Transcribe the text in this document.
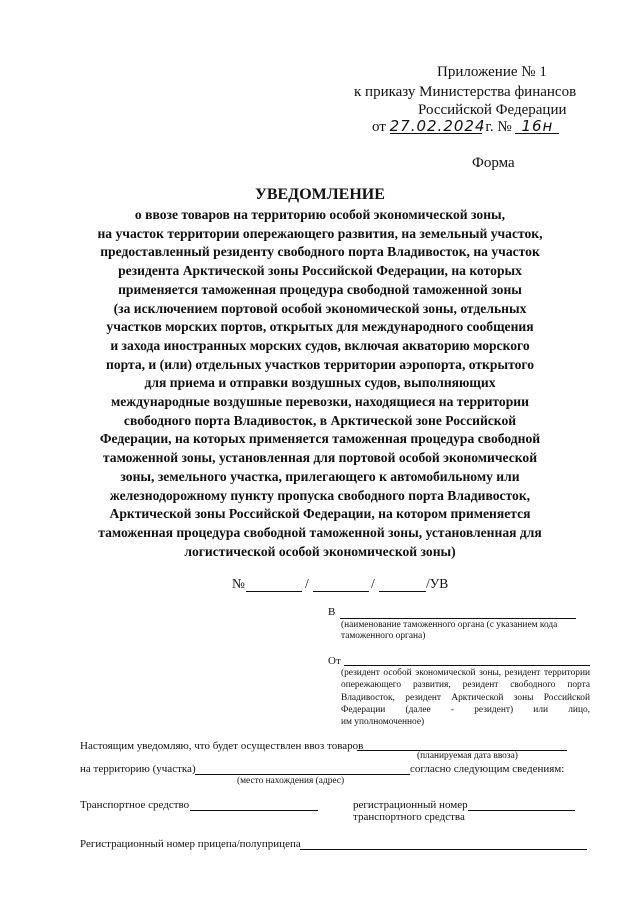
Приложение № 1
к приказу Министерства финансов
Российской Федерации
от 27.02.2024 г. № 16н
Форма
УВЕДОМЛЕНИЕ
о ввозе товаров на территорию особой экономической зоны,
на участок территории опережающего развития, на земельный участок,
предоставленный резиденту свободного порта Владивосток, на участок
резидента Арктической зоны Российской Федерации, на которых
применяется таможенная процедура свободной таможенной зоны
(за исключением портовой особой экономической зоны, отдельных
участков морских портов, открытых для международного сообщения
и захода иностранных морских судов, включая акваторию морского
порта, и (или) отдельных участков территории аэропорта, открытого
для приема и отправки воздушных судов, выполняющих
международные воздушные перевозки, находящиеся на территории
свободного порта Владивосток, в Арктической зоне Российской
Федерации, на которых применяется таможенная процедура свободной
таможенной зоны, установленная для портовой особой экономической
зоны, земельного участка, прилегающего к автомобильному или
железнодорожному пункту пропуска свободного порта Владивосток,
Арктической зоны Российской Федерации, на котором применяется
таможенная процедура свободной таможенной зоны, установленная для
логистической особой экономической зоны)
№	/	/	/УВ
В
(наименование таможенного органа (с указанием кода
таможенного органа)
От
(резидент особой экономической зоны, резидент территории
опережающего развития, резидент свободного порта
Владивосток, резидент Арктической зоны Российской
Федерации (далее - резидент) или лицо,
им уполномоченное)
Настоящим уведомляю, что будет осуществлен ввоз товаров
(планируемая дата ввоза)
на территорию (участка)	согласно следующим сведениям:
(место нахождения (адрес)
Транспортное средство	регистрационный номер
транспортного средства
Регистрационный номер прицепа/полуприцепа
